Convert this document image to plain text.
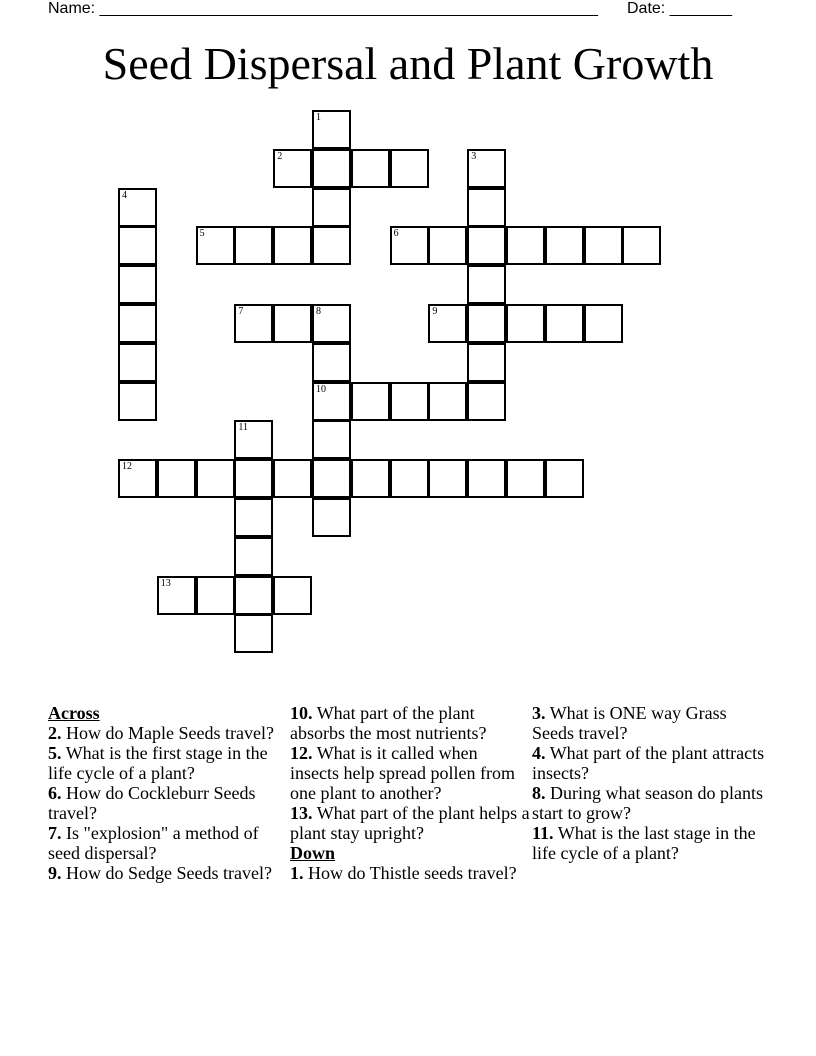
Name: ________________________________________________________ Date: _______
Seed Dispersal and Plant Growth
1
2	3
4
5	6
7	8	9
10
11
12
13

Across

2. How do Maple Seeds travel?

5. What is the first stage in the life cycle of a plant?

6. How do Cockleburr Seeds travel?

7. Is "explosion" a method of seed dispersal?

9. How do Sedge Seeds travel?

10. What part of the plant absorbs the most nutrients?

12. What is it called when insects help spread pollen from one plant to another?

13. What part of the plant helps a plant stay upright?

Down

1. How do Thistle seeds travel?

3. What is ONE way Grass Seeds travel?

4. What part of the plant attracts insects?

8. During what season do plants start to grow?

11. What is the last stage in the life cycle of a plant?
